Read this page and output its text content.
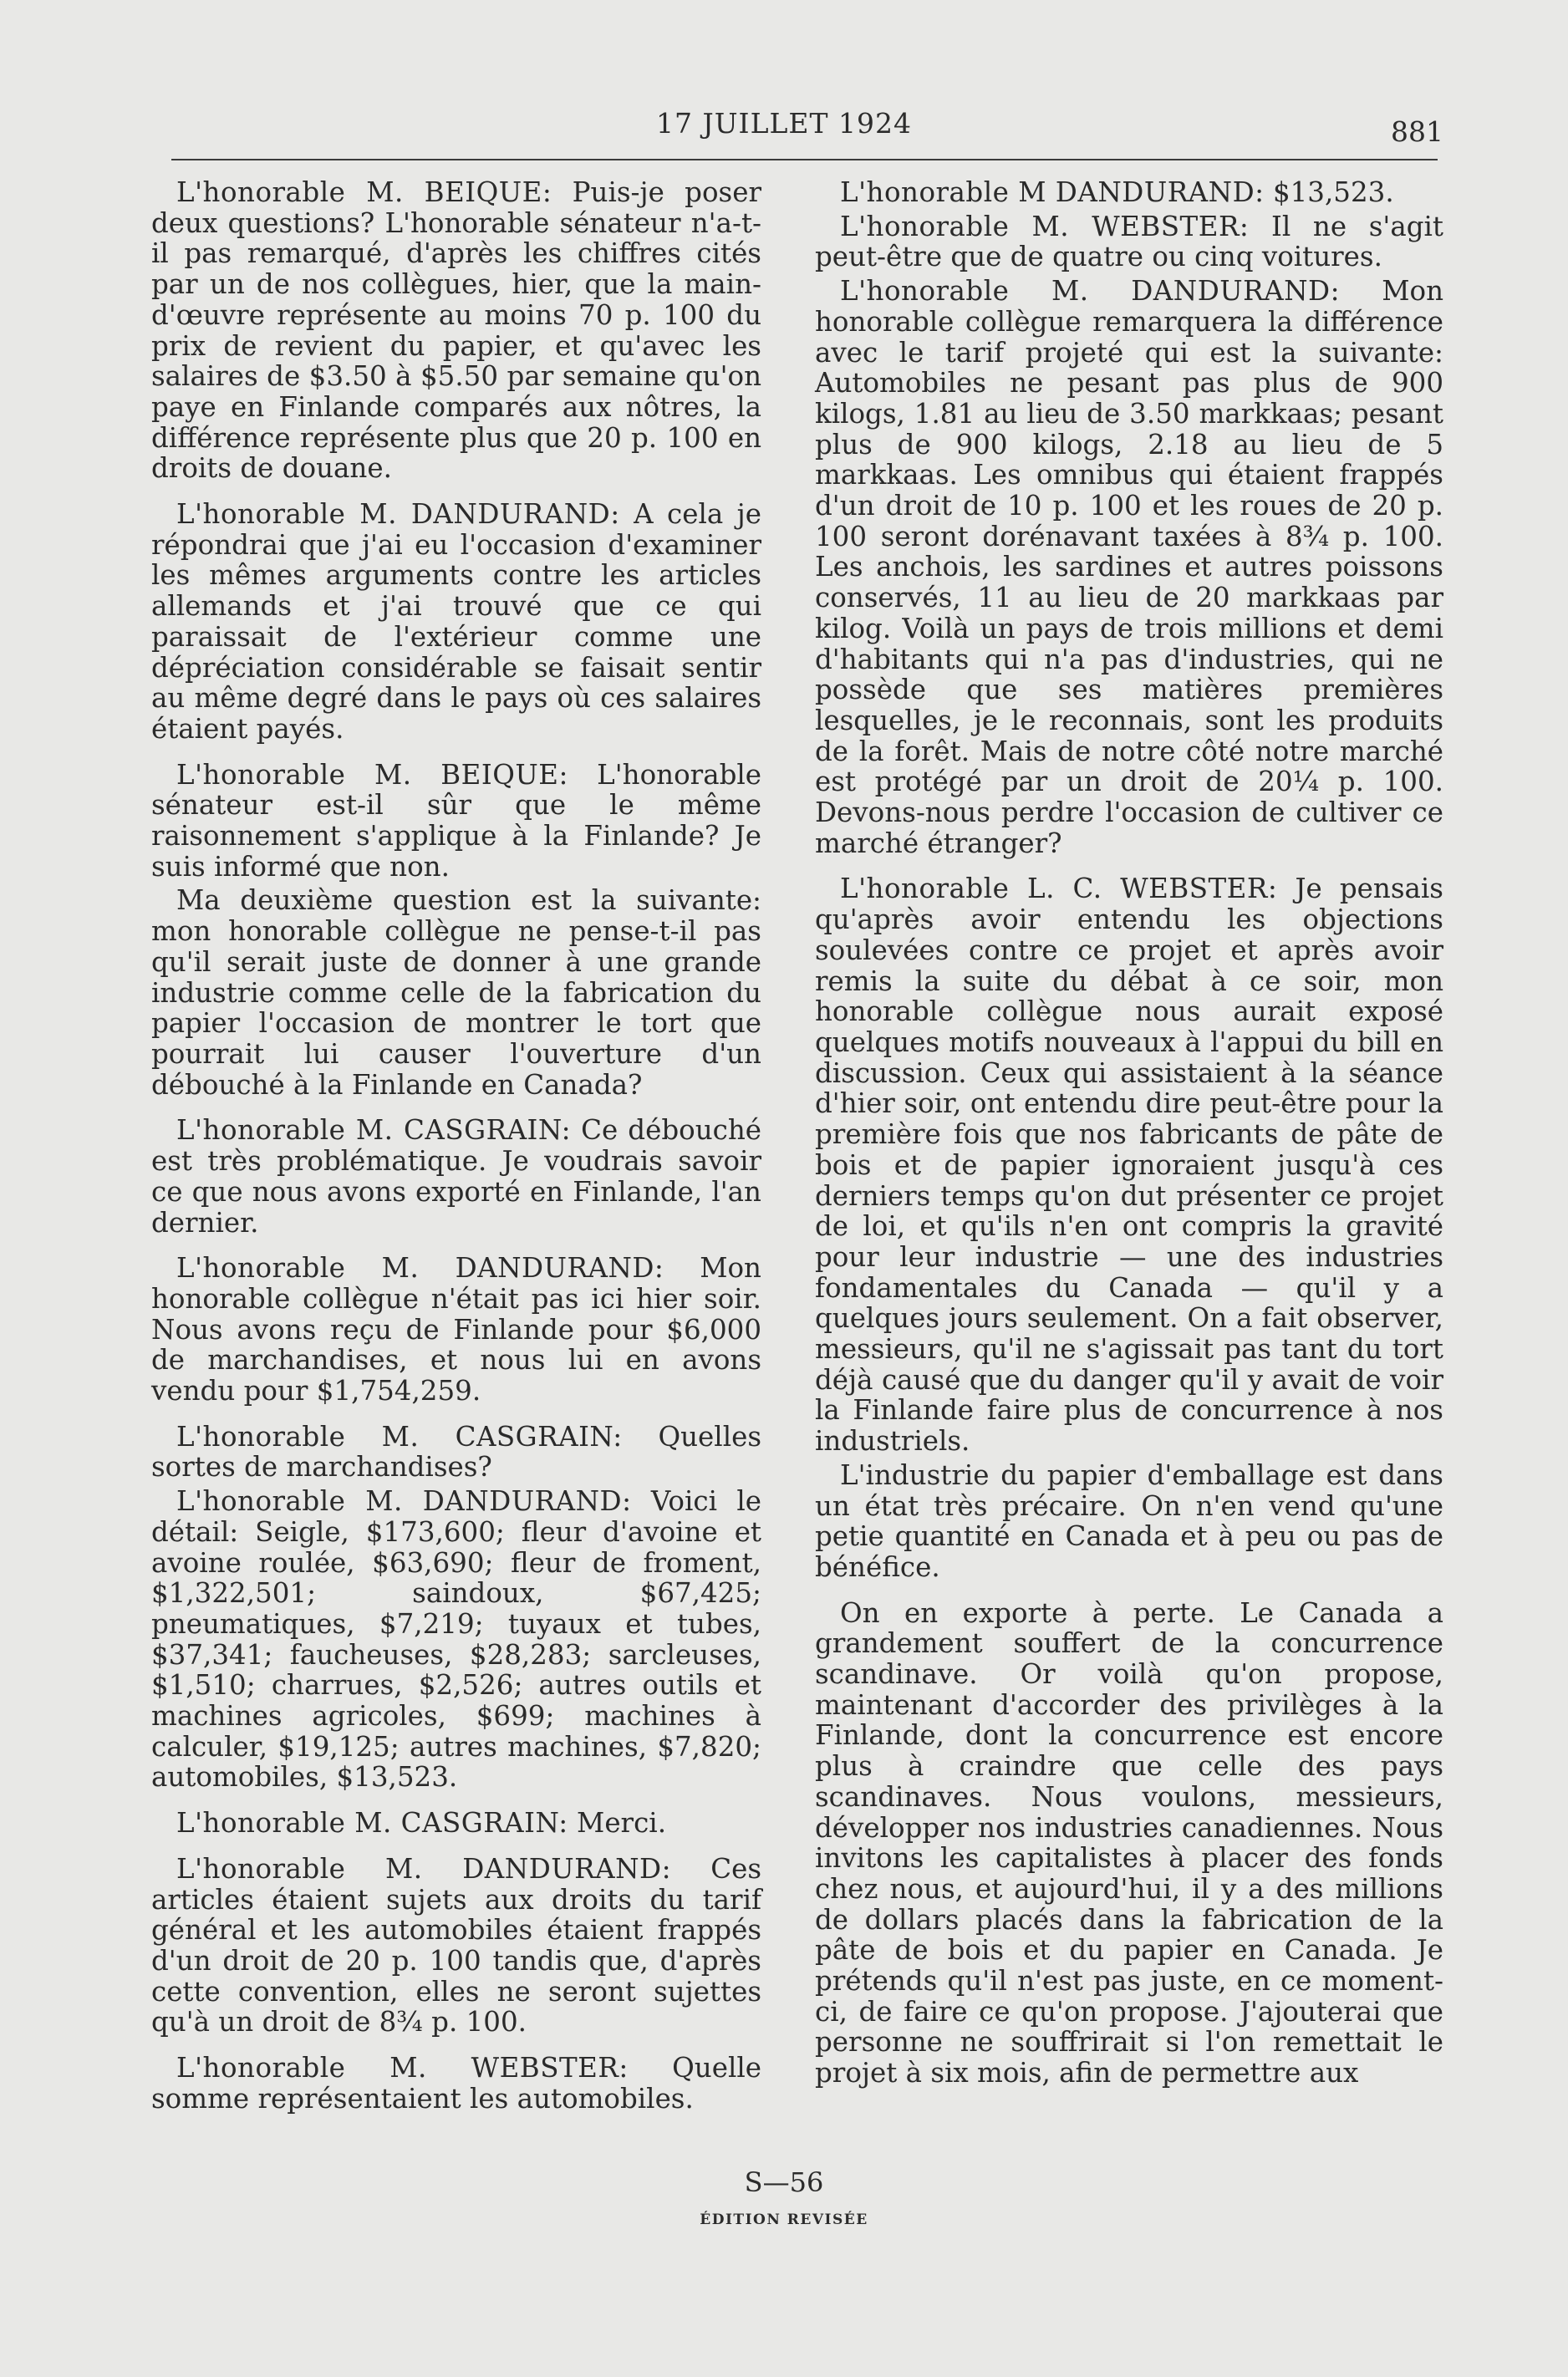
17 JUILLET 1924	881

L'honorable M. BEIQUE: Puis-je poser deux questions? L'honorable sénateur n'a-t-il pas remarqué, d'après les chiffres cités par un de nos collègues, hier, que la main-d'œuvre représente au moins 70 p. 100 du prix de revient du papier, et qu'avec les salaires de $3.50 à $5.50 par semaine qu'on paye en Finlande comparés aux nôtres, la différence représente plus que 20 p. 100 en droits de douane.

L'honorable M. DANDURAND: A cela je répondrai que j'ai eu l'occasion d'examiner les mêmes arguments contre les articles allemands et j'ai trouvé que ce qui paraissait de l'extérieur comme une dépréciation considérable se faisait sentir au même degré dans le pays où ces salaires étaient payés.

L'honorable M. BEIQUE: L'honorable sénateur est-il sûr que le même raisonnement s'applique à la Finlande? Je suis informé que non.

Ma deuxième question est la suivante: mon honorable collègue ne pense-t-il pas qu'il serait juste de donner à une grande industrie comme celle de la fabrication du papier l'occasion de montrer le tort que pourrait lui causer l'ouverture d'un débouché à la Finlande en Canada?

L'honorable M. CASGRAIN: Ce débouché est très problématique. Je voudrais savoir ce que nous avons exporté en Finlande, l'an dernier.

L'honorable M. DANDURAND: Mon honorable collègue n'était pas ici hier soir. Nous avons reçu de Finlande pour $6,000 de marchandises, et nous lui en avons vendu pour $1,754,259.

L'honorable M. CASGRAIN: Quelles sortes de marchandises?

L'honorable M. DANDURAND: Voici le détail: Seigle, $173,600; fleur d'avoine et avoine roulée, $63,690; fleur de froment, $1,322,501; saindoux, $67,425; pneumatiques, $7,219; tuyaux et tubes, $37,341; faucheuses, $28,283; sarcleuses, $1,510; charrues, $2,526; autres outils et machines agricoles, $699; machines à calculer, $19,125; autres machines, $7,820; automobiles, $13,523.

L'honorable M. CASGRAIN: Merci.

L'honorable M. DANDURAND: Ces articles étaient sujets aux droits du tarif général et les automobiles étaient frappés d'un droit de 20 p. 100 tandis que, d'après cette convention, elles ne seront sujettes qu'à un droit de 8¾ p. 100.

L'honorable M. WEBSTER: Quelle somme représentaient les automobiles.

L'honorable M DANDURAND: $13,523.

L'honorable M. WEBSTER: Il ne s'agit peut-être que de quatre ou cinq voitures.

L'honorable M. DANDURAND: Mon honorable collègue remarquera la différence avec le tarif projeté qui est la suivante: Automobiles ne pesant pas plus de 900 kilogs, 1.81 au lieu de 3.50 markkaas; pesant plus de 900 kilogs, 2.18 au lieu de 5 markkaas. Les omnibus qui étaient frappés d'un droit de 10 p. 100 et les roues de 20 p. 100 seront dorénavant taxées à 8¾ p. 100. Les anchois, les sardines et autres poissons conservés, 11 au lieu de 20 markkaas par kilog. Voilà un pays de trois millions et demi d'habitants qui n'a pas d'industries, qui ne possède que ses matières premières lesquelles, je le reconnais, sont les produits de la forêt. Mais de notre côté notre marché est protégé par un droit de 20¼ p. 100. Devons-nous perdre l'occasion de cultiver ce marché étranger?

L'honorable L. C. WEBSTER: Je pensais qu'après avoir entendu les objections soulevées contre ce projet et après avoir remis la suite du débat à ce soir, mon honorable collègue nous aurait exposé quelques motifs nouveaux à l'appui du bill en discussion. Ceux qui assistaient à la séance d'hier soir, ont entendu dire peut-être pour la première fois que nos fabricants de pâte de bois et de papier ignoraient jusqu'à ces derniers temps qu'on dut présenter ce projet de loi, et qu'ils n'en ont compris la gravité pour leur industrie — une des industries fondamentales du Canada — qu'il y a quelques jours seulement. On a fait observer, messieurs, qu'il ne s'agissait pas tant du tort déjà causé que du danger qu'il y avait de voir la Finlande faire plus de concurrence à nos industriels.

L'industrie du papier d'emballage est dans un état très précaire. On n'en vend qu'une petie quantité en Canada et à peu ou pas de bénéfice.

On en exporte à perte. Le Canada a grandement souffert de la concurrence scandinave. Or voilà qu'on propose, maintenant d'accorder des privilèges à la Finlande, dont la concurrence est encore plus à craindre que celle des pays scandinaves. Nous voulons, messieurs, développer nos industries canadiennes. Nous invitons les capitalistes à placer des fonds chez nous, et aujourd'hui, il y a des millions de dollars placés dans la fabrication de la pâte de bois et du papier en Canada. Je prétends qu'il n'est pas juste, en ce moment-ci, de faire ce qu'on propose. J'ajouterai que personne ne souffrirait si l'on remettait le projet à six mois, afin de permettre aux

S—56
ÉDITION REVISÉE
